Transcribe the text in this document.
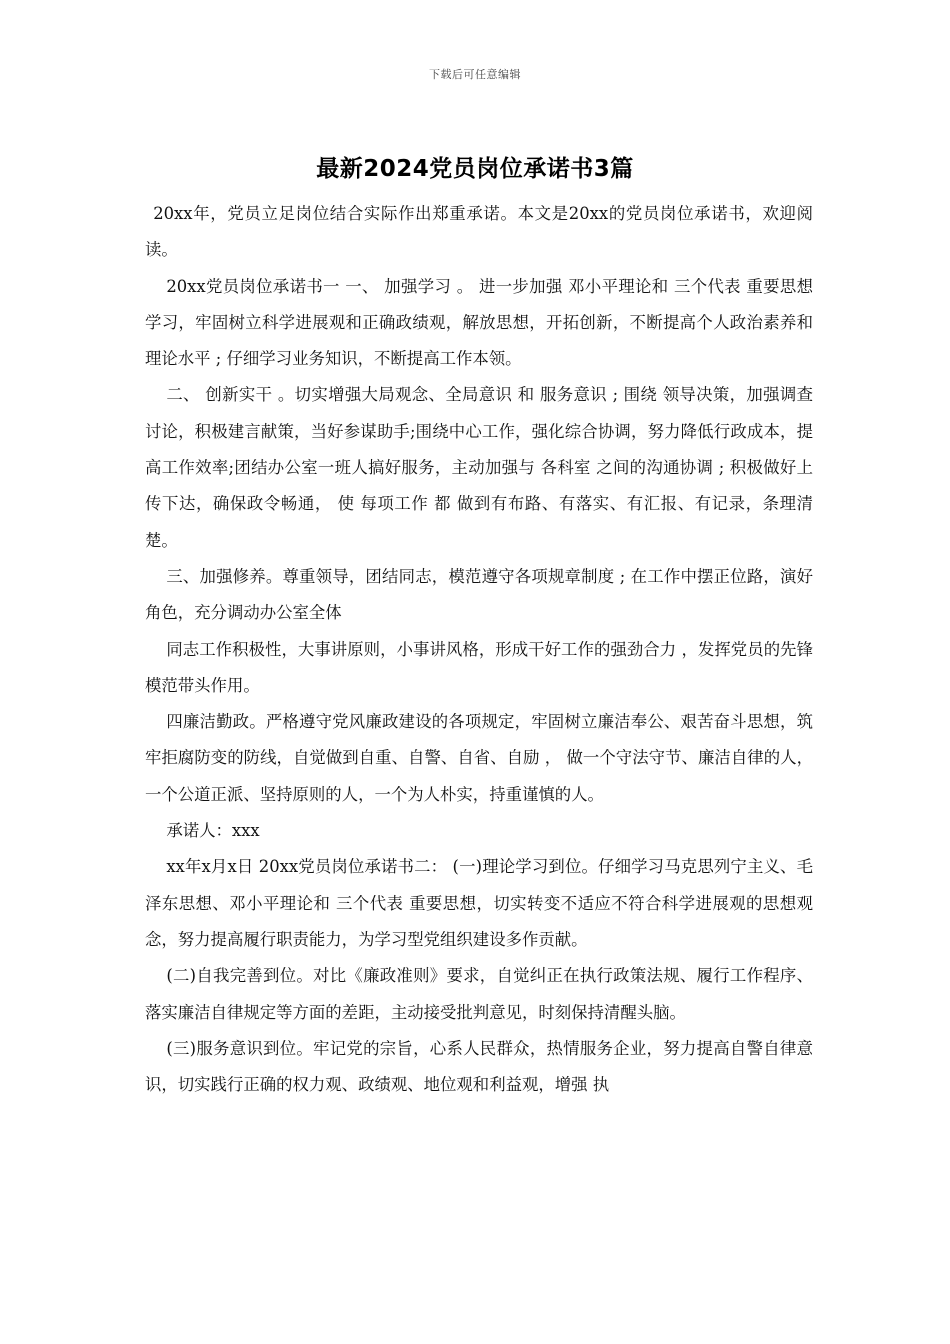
下载后可任意编辑
最新2024党员岗位承诺书3篇

20xx年，党员立足岗位结合实际作出郑重承诺。本文是20xx的党员岗位承诺书，欢迎阅读。

20xx党员岗位承诺书一 一、 加强学习 。 进一步加强 邓小平理论和 三个代表 重要思想学习，牢固树立科学进展观和正确政绩观，解放思想，开拓创新，不断提高个人政治素养和理论水平 ; 仔细学习业务知识，不断提高工作本领。

二、 创新实干 。切实增强大局观念、全局意识 和 服务意识 ; 围绕 领导决策，加强调查讨论，积极建言献策，当好参谋助手;围绕中心工作，强化综合协调，努力降低行政成本，提高工作效率;团结办公室一班人搞好服务，主动加强与 各科室 之间的沟通协调 ; 积极做好上传下达，确保政令畅通， 使 每项工作 都 做到有布路、有落实、有汇报、有记录，条理清楚。

三、加强修养。尊重领导，团结同志，模范遵守各项规章制度 ; 在工作中摆正位路，演好角色，充分调动办公室全体

同志工作积极性，大事讲原则，小事讲风格，形成干好工作的强劲合力 ，发挥党员的先锋模范带头作用。

四廉洁勤政。严格遵守党风廉政建设的各项规定，牢固树立廉洁奉公、艰苦奋斗思想，筑牢拒腐防变的防线，自觉做到自重、自警、自省、自励 ， 做一个守法守节、廉洁自律的人，一个公道正派、坚持原则的人，一个为人朴实，持重谨慎的人。

承诺人：xxx

xx年x月x日 20xx党员岗位承诺书二： (一)理论学习到位。仔细学习马克思列宁主义、毛泽东思想、邓小平理论和 三个代表 重要思想，切实转变不适应不符合科学进展观的思想观念，努力提高履行职责能力，为学习型党组织建设多作贡献。

(二)自我完善到位。对比《廉政准则》要求，自觉纠正在执行政策法规、履行工作程序、落实廉洁自律规定等方面的差距，主动接受批判意见，时刻保持清醒头脑。

(三)服务意识到位。牢记党的宗旨，心系人民群众，热情服务企业，努力提高自警自律意识，切实践行正确的权力观、政绩观、地位观和利益观，增强 执
